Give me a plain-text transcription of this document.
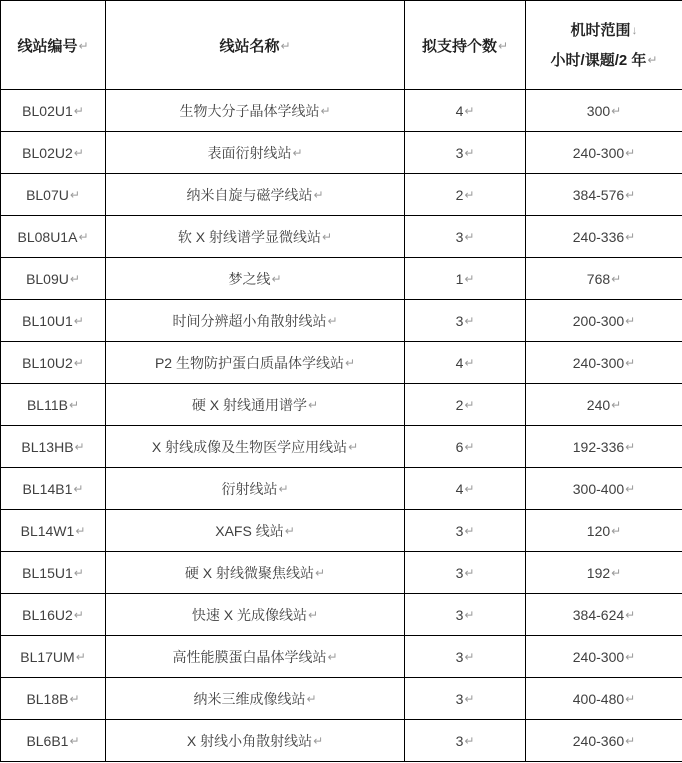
线站编号↵	线站名称↵	拟支持个数↵	机时范围↓
小时/课题/2 年↵

BL02U1↵	生物大分子晶体学线站↵	4↵	300↵
BL02U2↵	表面衍射线站↵	3↵	240-300↵
BL07U↵	纳米自旋与磁学线站↵	2↵	384-576↵
BL08U1A↵	软 X 射线谱学显微线站↵	3↵	240-336↵
BL09U↵	梦之线↵	1↵	768↵
BL10U1↵	时间分辨超小角散射线站↵	3↵	200-300↵
BL10U2↵	P2 生物防护蛋白质晶体学线站↵	4↵	240-300↵
BL11B↵	硬 X 射线通用谱学↵	2↵	240↵
BL13HB↵	X 射线成像及生物医学应用线站↵	6↵	192-336↵
BL14B1↵	衍射线站↵	4↵	300-400↵
BL14W1↵	XAFS 线站↵	3↵	120↵
BL15U1↵	硬 X 射线微聚焦线站↵	3↵	192↵
BL16U2↵	快速 X 光成像线站↵	3↵	384-624↵
BL17UM↵	高性能膜蛋白晶体学线站↵	3↵	240-300↵
BL18B↵	纳米三维成像线站↵	3↵	400-480↵
BL6B1↵	X 射线小角散射线站↵	3↵	240-360↵
